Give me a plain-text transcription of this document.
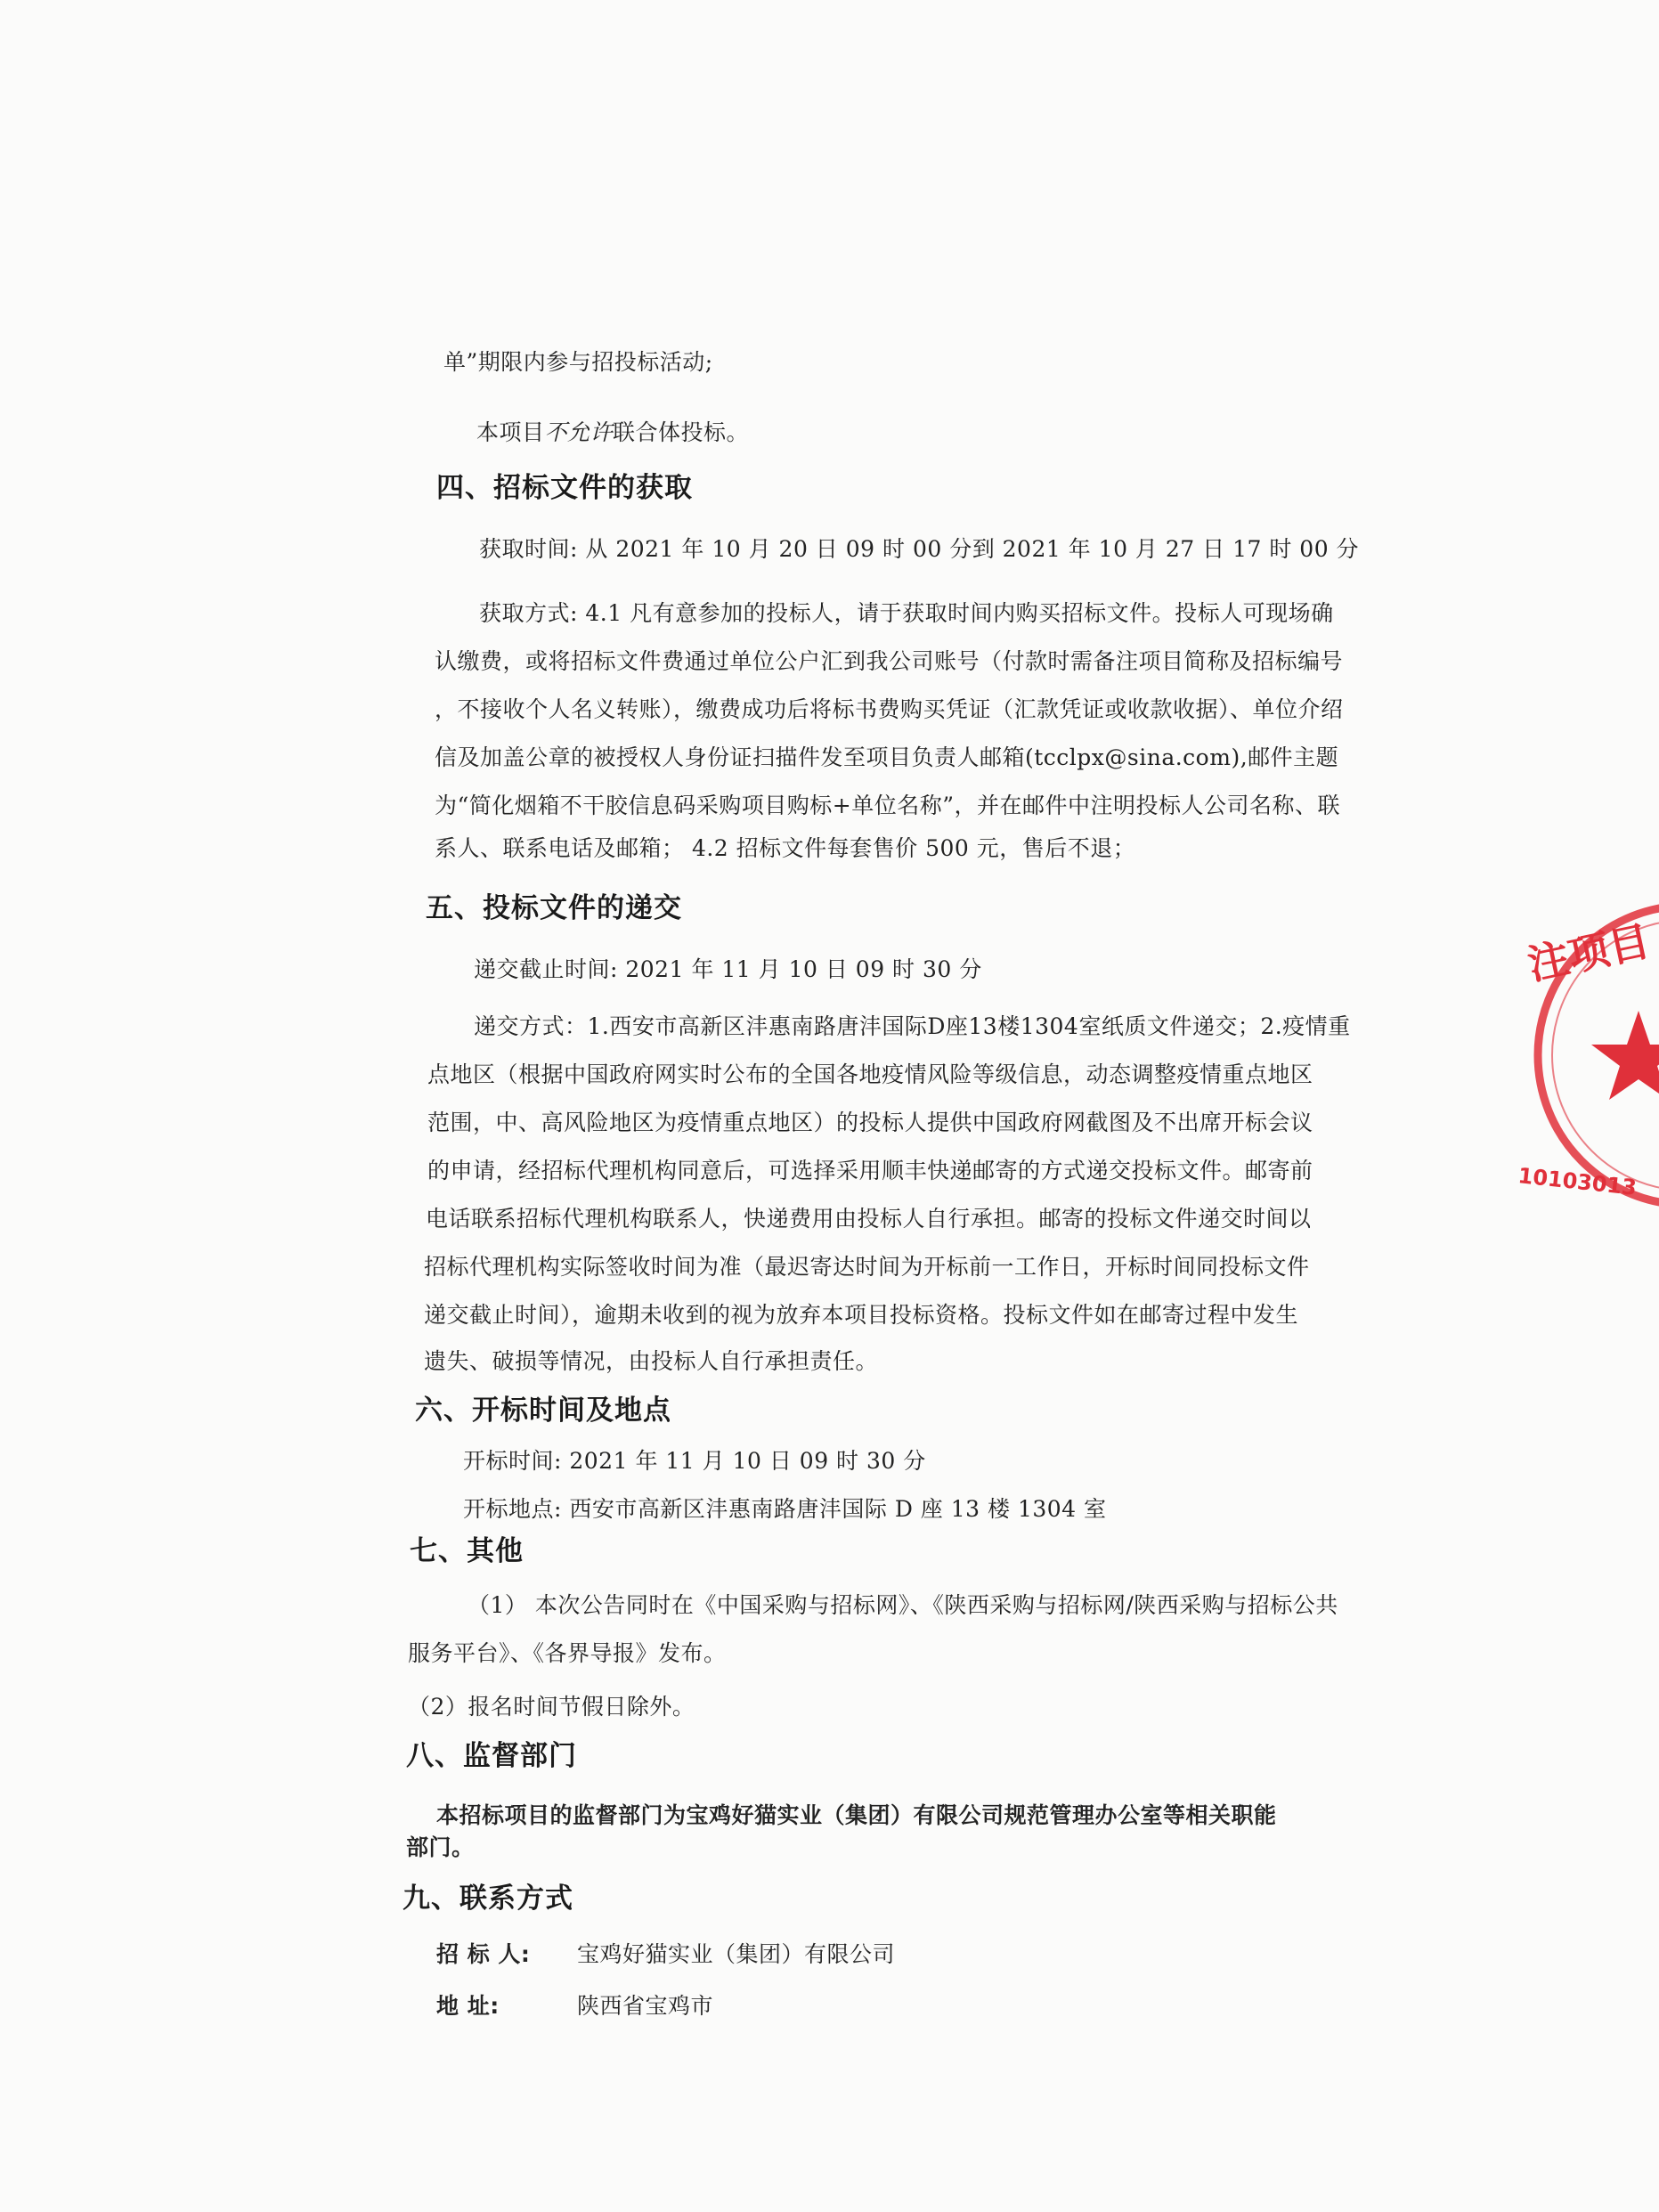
单”期限内参与招投标活动;
本项目不允许联合体投标。
四、招标文件的获取
获取时间: 从 2021 年 10 月 20 日 09 时 00 分到 2021 年 10 月 27 日 17 时 00 分
获取方式: 4.1 凡有意参加的投标人，请于获取时间内购买招标文件。投标人可现场确
认缴费，或将招标文件费通过单位公户汇到我公司账号（付款时需备注项目简称及招标编号
，不接收个人名义转账），缴费成功后将标书费购买凭证（汇款凭证或收款收据）、单位介绍
信及加盖公章的被授权人身份证扫描件发至项目负责人邮箱(tcclpx@sina.com),邮件主题
为“简化烟箱不干胶信息码采购项目购标+单位名称”，并在邮件中注明投标人公司名称、联
系人、联系电话及邮箱； 4.2 招标文件每套售价 500 元，售后不退；
五、投标文件的递交
递交截止时间: 2021 年 11 月 10 日 09 时 30 分
递交方式：1.西安市高新区沣惠南路唐沣国际D座13楼1304室纸质文件递交；2.疫情重
点地区（根据中国政府网实时公布的全国各地疫情风险等级信息，动态调整疫情重点地区
范围，中、高风险地区为疫情重点地区）的投标人提供中国政府网截图及不出席开标会议
的申请，经招标代理机构同意后，可选择采用顺丰快递邮寄的方式递交投标文件。邮寄前
电话联系招标代理机构联系人，快递费用由投标人自行承担。邮寄的投标文件递交时间以
招标代理机构实际签收时间为准（最迟寄达时间为开标前一工作日，开标时间同投标文件
递交截止时间），逾期未收到的视为放弃本项目投标资格。投标文件如在邮寄过程中发生
遗失、破损等情况，由投标人自行承担责任。
六、开标时间及地点
开标时间: 2021 年 11 月 10 日 09 时 30 分
开标地点: 西安市高新区沣惠南路唐沣国际 D 座 13 楼 1304 室
七、其他
（1） 本次公告同时在《中国采购与招标网》、《陕西采购与招标网/陕西采购与招标公共
服务平台》、《各界导报》发布。
（2）报名时间节假日除外。
八、监督部门
本招标项目的监督部门为宝鸡好猫实业（集团）有限公司规范管理办公室等相关职能
部门。
九、联系方式
招 标 人: 宝鸡好猫实业（集团）有限公司
地 址:	陕西省宝鸡市
注项目
10103013
